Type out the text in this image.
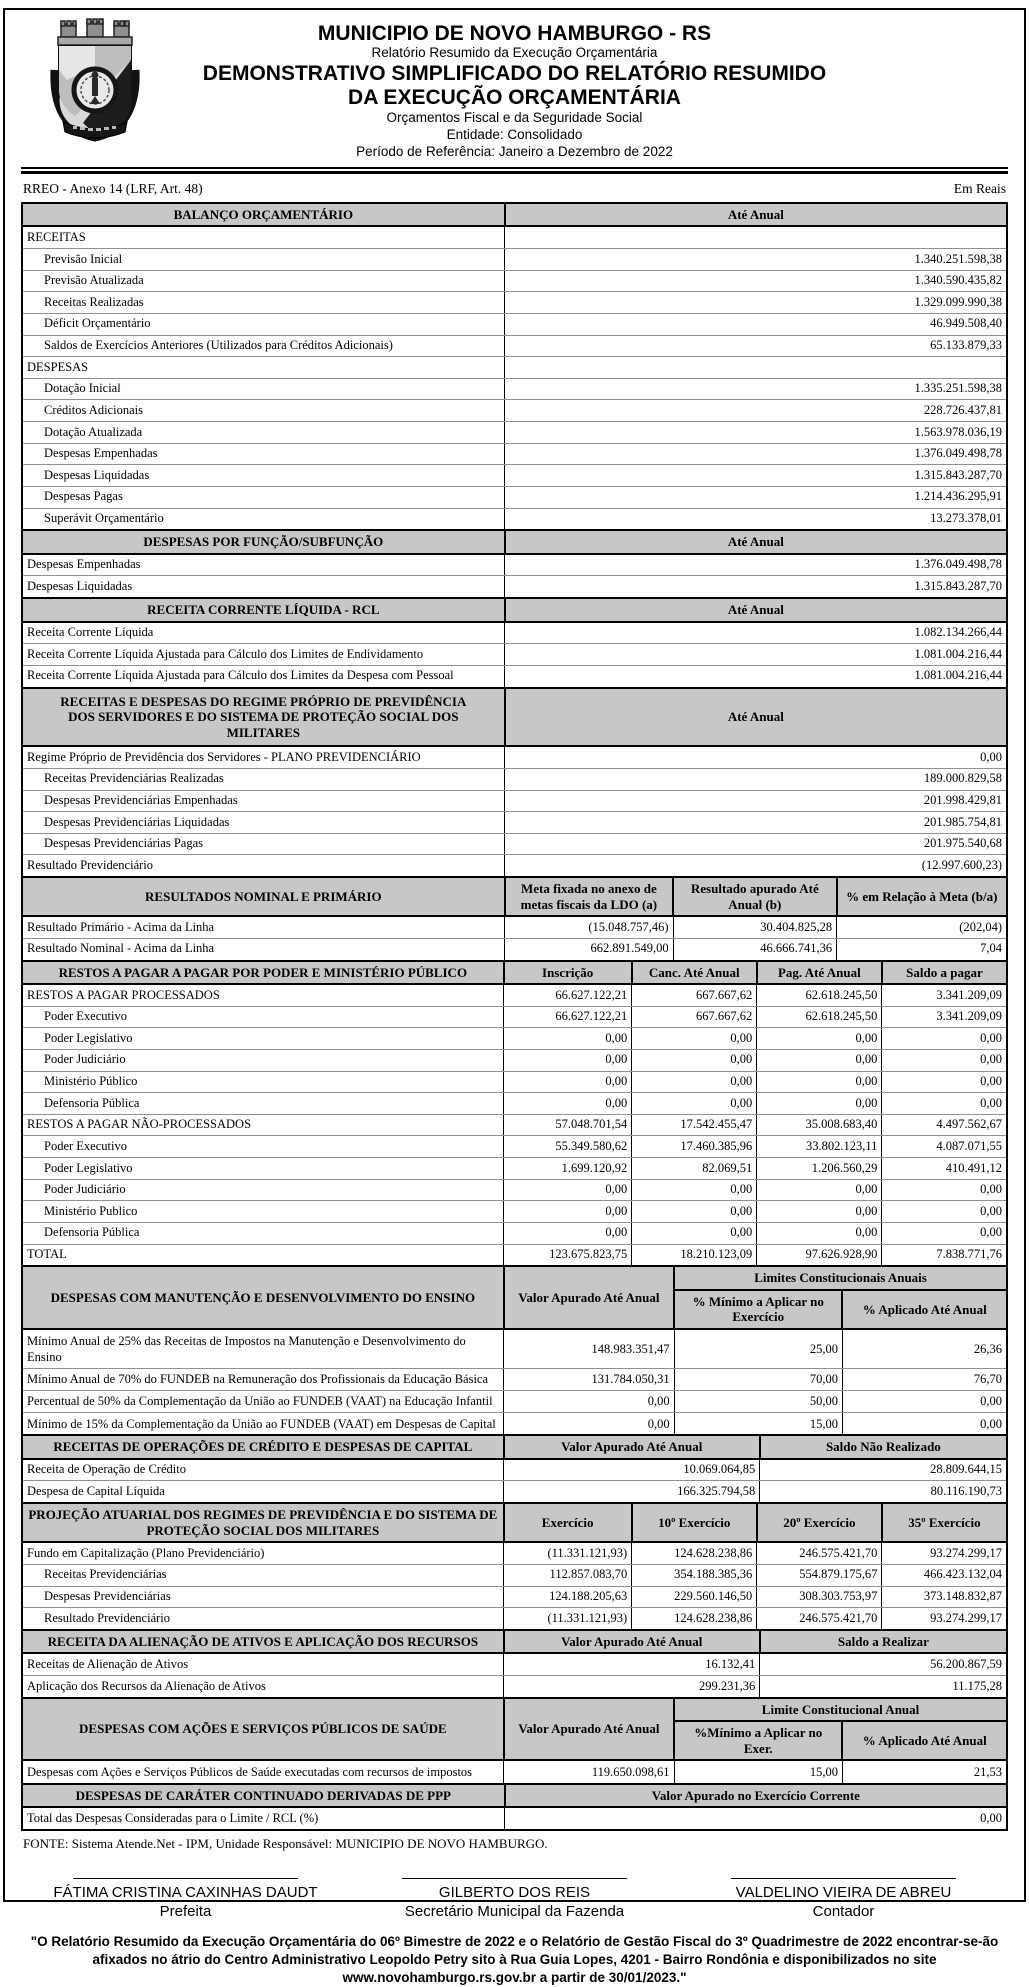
MUNICIPIO DE NOVO HAMBURGO - RS
Relatório Resumido da Execução Orçamentária
DEMONSTRATIVO SIMPLIFICADO DO RELATÓRIO RESUMIDO
DA EXECUÇÃO ORÇAMENTÁRIA
Orçamentos Fiscal e da Seguridade Social
Entidade: Consolidado
Período de Referência: Janeiro a Dezembro de 2022
RREO - Anexo 14 (LRF, Art. 48)	Em Reais
BALANÇO ORÇAMENTÁRIO	Até Anual
RECEITAS	
Previsão Inicial	1.340.251.598,38
Previsão Atualizada	1.340.590.435,82
Receitas Realizadas	1.329.099.990,38
Déficit Orçamentário	46.949.508,40
Saldos de Exercícios Anteriores (Utilizados para Créditos Adicionais)	65.133.879,33
DESPESAS	
Dotação Inicial	1.335.251.598,38
Créditos Adicionais	228.726.437,81
Dotação Atualizada	1.563.978.036,19
Despesas Empenhadas	1.376.049.498,78
Despesas Liquidadas	1.315.843.287,70
Despesas Pagas	1.214.436.295,91
Superávit Orçamentário	13.273.378,01
DESPESAS POR FUNÇÃO/SUBFUNÇÃO	Até Anual
Despesas Empenhadas	1.376.049.498,78
Despesas Liquidadas	1.315.843.287,70
RECEITA CORRENTE LÍQUIDA - RCL	Até Anual
Receita Corrente Líquida	1.082.134.266,44
Receita Corrente Líquida Ajustada para Cálculo dos Limites de Endividamento	1.081.004.216,44
Receita Corrente Líquida Ajustada para Cálculo dos Limites da Despesa com Pessoal	1.081.004.216,44
RECEITAS E DESPESAS DO REGIME PRÓPRIO DE PREVIDÊNCIA DOS SERVIDORES E DO SISTEMA DE PROTEÇÃO SOCIAL DOS MILITARES	Até Anual
Regime Próprio de Previdência dos Servidores - PLANO PREVIDENCIÁRIO	0,00
Receitas Previdenciárias Realizadas	189.000.829,58
Despesas Previdenciárias Empenhadas	201.998.429,81
Despesas Previdenciárias Liquidadas	201.985.754,81
Despesas Previdenciárias Pagas	201.975.540,68
Resultado Previdenciário	(12.997.600,23)
RESULTADOS NOMINAL E PRIMÁRIO	Meta fixada no anexo de metas fiscais da LDO (a)	Resultado apurado Até Anual (b)	% em Relação à Meta (b/a)
Resultado Primário - Acima da Linha	(15.048.757,46)	30.404.825,28	(202,04)
Resultado Nominal - Acima da Linha	662.891.549,00	46.666.741,36	7,04
RESTOS A PAGAR A PAGAR POR PODER E MINISTÉRIO PÚBLICO	Inscrição	Canc. Até Anual	Pag. Até Anual	Saldo a pagar
RESTOS A PAGAR PROCESSADOS	66.627.122,21	667.667,62	62.618.245,50	3.341.209,09
Poder Executivo	66.627.122,21	667.667,62	62.618.245,50	3.341.209,09
Poder Legislativo	0,00	0,00	0,00	0,00
Poder Judiciário	0,00	0,00	0,00	0,00
Ministério Público	0,00	0,00	0,00	0,00
Defensoria Pública	0,00	0,00	0,00	0,00
RESTOS A PAGAR NÃO-PROCESSADOS	57.048.701,54	17.542.455,47	35.008.683,40	4.497.562,67
Poder Executivo	55.349.580,62	17.460.385,96	33.802.123,11	4.087.071,55
Poder Legislativo	1.699.120,92	82.069,51	1.206.560,29	410.491,12
Poder Judiciário	0,00	0,00	0,00	0,00
Ministério Publico	0,00	0,00	0,00	0,00
Defensoria Pública	0,00	0,00	0,00	0,00
TOTAL	123.675.823,75	18.210.123,09	97.626.928,90	7.838.771,76
DESPESAS COM MANUTENÇÃO E DESENVOLVIMENTO DO ENSINO	Valor Apurado Até Anual	Limites Constitucionais Anuais	
		% Mínimo a Aplicar no Exercício	% Aplicado Até Anual
Mínimo Anual de 25% das Receitas de Impostos na Manutenção e Desenvolvimento do Ensino	148.983.351,47	25,00	26,36
Mínimo Anual de 70% do FUNDEB na Remuneração dos Profissionais da Educação Básica	131.784.050,31	70,00	76,70
Percentual de 50% da Complementação da União ao FUNDEB (VAAT) na Educação Infantil	0,00	50,00	0,00
Mínimo de 15% da Complementação da União ao FUNDEB (VAAT) em Despesas de Capital	0,00	15,00	0,00
RECEITAS DE OPERAÇÕES DE CRÉDITO E DESPESAS DE CAPITAL	Valor Apurado Até Anual	Saldo Não Realizado
Receita de Operação de Crédito	10.069.064,85	28.809.644,15
Despesa de Capital Líquida	166.325.794,58	80.116.190,73
PROJEÇÃO ATUARIAL DOS REGIMES DE PREVIDÊNCIA E DO SISTEMA DE PROTEÇÃO SOCIAL DOS MILITARES	Exercício	10º Exercício	20º Exercício	35º Exercício
Fundo em Capitalização (Plano Previdenciário)	(11.331.121,93)	124.628.238,86	246.575.421,70	93.274.299,17
Receitas Previdenciárias	112.857.083,70	354.188.385,36	554.879.175,67	466.423.132,04
Despesas Previdenciárias	124.188.205,63	229.560.146,50	308.303.753,97	373.148.832,87
Resultado Previdenciário	(11.331.121,93)	124.628.238,86	246.575.421,70	93.274.299,17
RECEITA DA ALIENAÇÃO DE ATIVOS E APLICAÇÃO DOS RECURSOS	Valor Apurado Até Anual	Saldo a Realizar
Receitas de Alienação de Ativos	16.132,41	56.200.867,59
Aplicação dos Recursos da Alienação de Ativos	299.231,36	11.175,28
DESPESAS COM AÇÕES E SERVIÇOS PÚBLICOS DE SAÚDE	Valor Apurado Até Anual	Limite Constitucional Anual	
		%Mínimo a Aplicar no Exer.	% Aplicado Até Anual
Despesas com Ações e Serviços Públicos de Saúde executadas com recursos de impostos	119.650.098,61	15,00	21,53
DESPESAS DE CARÁTER CONTINUADO DERIVADAS DE PPP	Valor Apurado no Exercício Corrente
Total das Despesas Consideradas para o Limite / RCL (%)	0,00
FONTE: Sistema Atende.Net - IPM, Unidade Responsável: MUNICIPIO DE NOVO HAMBURGO.
FÁTIMA CRISTINA CAXINHAS DAUDT
Prefeita
GILBERTO DOS REIS
Secretário Municipal da Fazenda
VALDELINO VIEIRA DE ABREU
Contador
"O Relatório Resumido da Execução Orçamentária do 06º Bimestre de 2022 e o Relatório de Gestão Fiscal do 3º Quadrimestre de 2022 encontrar-se-ão afixados no átrio do Centro Administrativo Leopoldo Petry sito à Rua Guia Lopes, 4201 - Bairro Rondônia e disponibilizados no site www.novohamburgo.rs.gov.br a partir de 30/01/2023."
